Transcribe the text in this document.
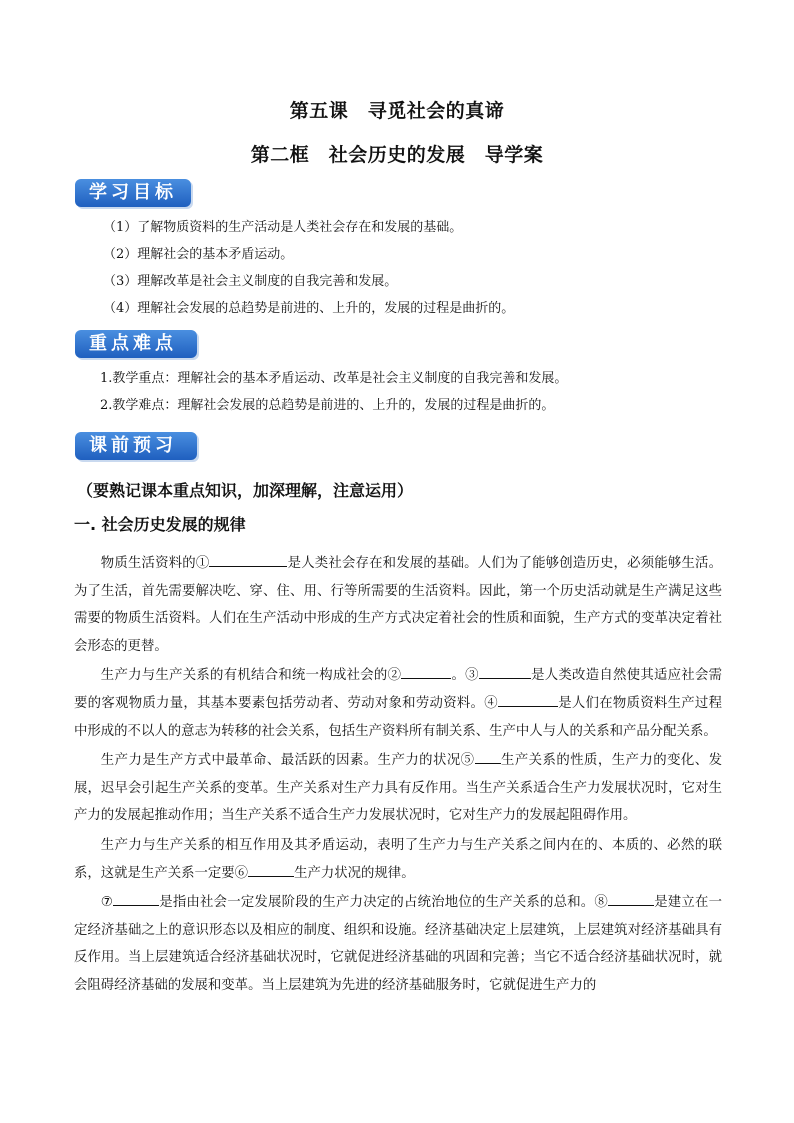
第五课　寻觅社会的真谛
第二框　社会历史的发展　导学案
学习目标
（1）了解物质资料的生产活动是人类社会存在和发展的基础。
（2）理解社会的基本矛盾运动。
（3）理解改革是社会主义制度的自我完善和发展。
（4）理解社会发展的总趋势是前进的、上升的，发展的过程是曲折的。
重点难点
1.教学重点：理解社会的基本矛盾运动、改革是社会主义制度的自我完善和发展。
2.教学难点：理解社会发展的总趋势是前进的、上升的，发展的过程是曲折的。
课前预习
（要熟记课本重点知识，加深理解，注意运用）
一. 社会历史发展的规律

物质生活资料的①	是人类社会存在和发展的基础。人们为了能够创造历史，必须能够生活。为了生活，首先需要解决吃、穿、住、用、行等所需要的生活资料。因此，第一个历史活动就是生产满足这些需要的物质生活资料。人们在生产活动中形成的生产方式决定着社会的性质和面貌，生产方式的变革决定着社会形态的更替。

生产力与生产关系的有机结合和统一构成社会的②	。③	是人类改造自然使其适应社会需要的客观物质力量，其基本要素包括劳动者、劳动对象和劳动资料。④	是人们在物质资料生产过程中形成的不以人的意志为转移的社会关系，包括生产资料所有制关系、生产中人与人的关系和产品分配关系。

生产力是生产方式中最革命、最活跃的因素。生产力的状况⑤ 生产关系的性质，生产力的变化、发展，迟早会引起生产关系的变革。生产关系对生产力具有反作用。当生产关系适合生产力发展状况时，它对生产力的发展起推动作用；当生产关系不适合生产力发展状况时，它对生产力的发展起阻碍作用。

生产力与生产关系的相互作用及其矛盾运动，表明了生产力与生产关系之间内在的、本质的、必然的联系，这就是生产关系一定要⑥	生产力状况的规律。

⑦	是指由社会一定发展阶段的生产力决定的占统治地位的生产关系的总和。⑧	是建立在一定经济基础之上的意识形态以及相应的制度、组织和设施。经济基础决定上层建筑，上层建筑对经济基础具有反作用。当上层建筑适合经济基础状况时，它就促进经济基础的巩固和完善；当它不适合经济基础状况时，就会阻碍经济基础的发展和变革。当上层建筑为先进的经济基础服务时，它就促进生产力的
